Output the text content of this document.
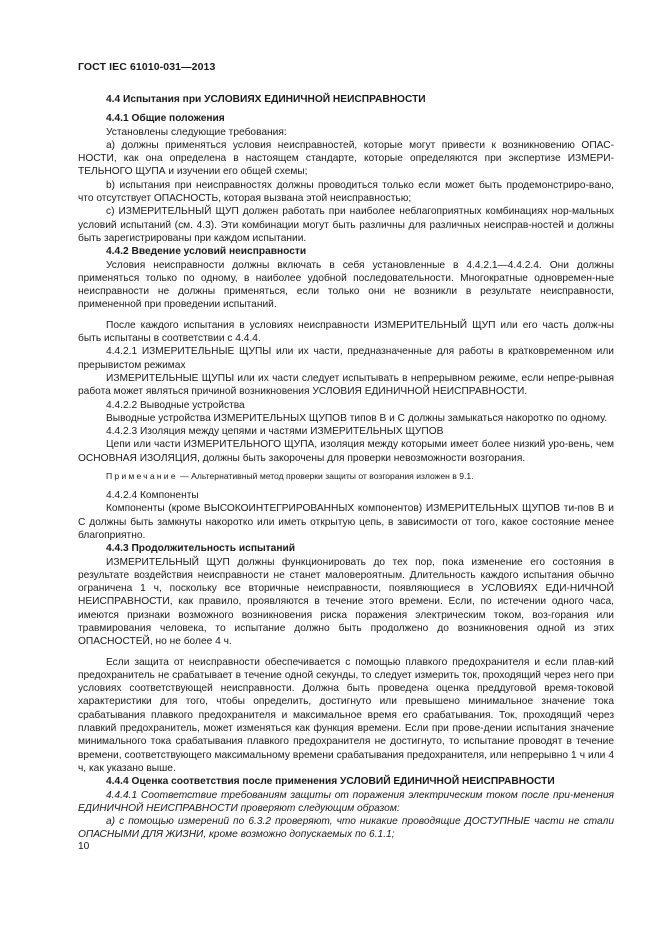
ГОСТ IEC 61010-031—2013

4.4 Испытания при УСЛОВИЯХ ЕДИНИЧНОЙ НЕИСПРАВНОСТИ

4.4.1 Общие положения

Установлены следующие требования:

a) должны применяться условия неисправностей, которые могут привести к возникновению ОПАС-НОСТИ, как она определена в настоящем стандарте, которые определяются при экспертизе ИЗМЕРИ-ТЕЛЬНОГО ЩУПА и изучении его общей схемы;

b) испытания при неисправностях должны проводиться только если может быть продемонстриро-вано, что отсутствует ОПАСНОСТЬ, которая вызвана этой неисправностью;

c) ИЗМЕРИТЕЛЬНЫЙ ЩУП должен работать при наиболее неблагоприятных комбинациях нор-мальных условий испытаний (см. 4.3). Эти комбинации могут быть различны для различных неисправ-ностей и должны быть зарегистрированы при каждом испытании.

4.4.2 Введение условий неисправности

Условия неисправности должны включать в себя установленные в 4.4.2.1—4.4.2.4. Они должны применяться только по одному, в наиболее удобной последовательности. Многократные одновремен-ные неисправности не должны применяться, если только они не возникли в результате неисправности, примененной при проведении испытаний.

После каждого испытания в условиях неисправности ИЗМЕРИТЕЛЬНЫЙ ЩУП или его часть долж-ны быть испытаны в соответствии с 4.4.4.

4.4.2.1 ИЗМЕРИТЕЛЬНЫЕ ЩУПЫ или их части, предназначенные для работы в кратковременном или прерывистом режимах

ИЗМЕРИТЕЛЬНЫЕ ЩУПЫ или их части следует испытывать в непрерывном режиме, если непре-рывная работа может являться причиной возникновения УСЛОВИЯ ЕДИНИЧНОЙ НЕИСПРАВНОСТИ.

4.4.2.2 Выводные устройства

Выводные устройства ИЗМЕРИТЕЛЬНЫХ ЩУПОВ типов В и С должны замыкаться накоротко по одному.

4.4.2.3 Изоляция между цепями и частями ИЗМЕРИТЕЛЬНЫХ ЩУПОВ

Цепи или части ИЗМЕРИТЕЛЬНОГО ЩУПА, изоляция между которыми имеет более низкий уро-вень, чем ОСНОВНАЯ ИЗОЛЯЦИЯ, должны быть закорочены для проверки невозможности возгорания.

Примечание — Альтернативный метод проверки защиты от возгорания изложен в 9.1.

4.4.2.4 Компоненты

Компоненты (кроме ВЫСОКОИНТЕГРИРОВАННЫХ компонентов) ИЗМЕРИТЕЛЬНЫХ ЩУПОВ ти-пов В и С должны быть замкнуты накоротко или иметь открытую цепь, в зависимости от того, какое состояние менее благоприятно.

4.4.3 Продолжительность испытаний

ИЗМЕРИТЕЛЬНЫЙ ЩУП должны функционировать до тех пор, пока изменение его состояния в результате воздействия неисправности не станет маловероятным. Длительность каждого испытания обычно ограничена 1 ч, поскольку все вторичные неисправности, появляющиеся в УСЛОВИЯХ ЕДИ-НИЧНОЙ НЕИСПРАВНОСТИ, как правило, проявляются в течение этого времени. Если, по истечении одного часа, имеются признаки возможного возникновения риска поражения электрическим током, воз-горания или травмирования человека, то испытание должно быть продолжено до возникновения одной из этих ОПАСНОСТЕЙ, но не более 4 ч.

Если защита от неисправности обеспечивается с помощью плавкого предохранителя и если плав-кий предохранитель не срабатывает в течение одной секунды, то следует измерить ток, проходящий через него при условиях соответствующей неисправности. Должна быть проведена оценка преддуговой время-токовой характеристики для того, чтобы определить, достигнуто или превышено минимальное значение тока срабатывания плавкого предохранителя и максимальное время его срабатывания. Ток, проходящий через плавкий предохранитель, может изменяться как функция времени. Если при прове-дении испытания значение минимального тока срабатывания плавкого предохранителя не достигнуто, то испытание проводят в течение времени, соответствующего максимальному времени срабатывания предохранителя, или непрерывно 1 ч или 4 ч, как указано выше.

4.4.4 Оценка соответствия после применения УСЛОВИЙ ЕДИНИЧНОЙ НЕИСПРАВНОСТИ

4.4.4.1 Соответствие требованиям защиты от поражения электрическим током после при-менения ЕДИНИЧНОЙ НЕИСПРАВНОСТИ проверяют следующим образом:

a) с помощью измерений по 6.3.2 проверяют, что никакие проводящие ДОСТУПНЫЕ части не стали ОПАСНЫМИ ДЛЯ ЖИЗНИ, кроме возможно допускаемых по 6.1.1;

10
